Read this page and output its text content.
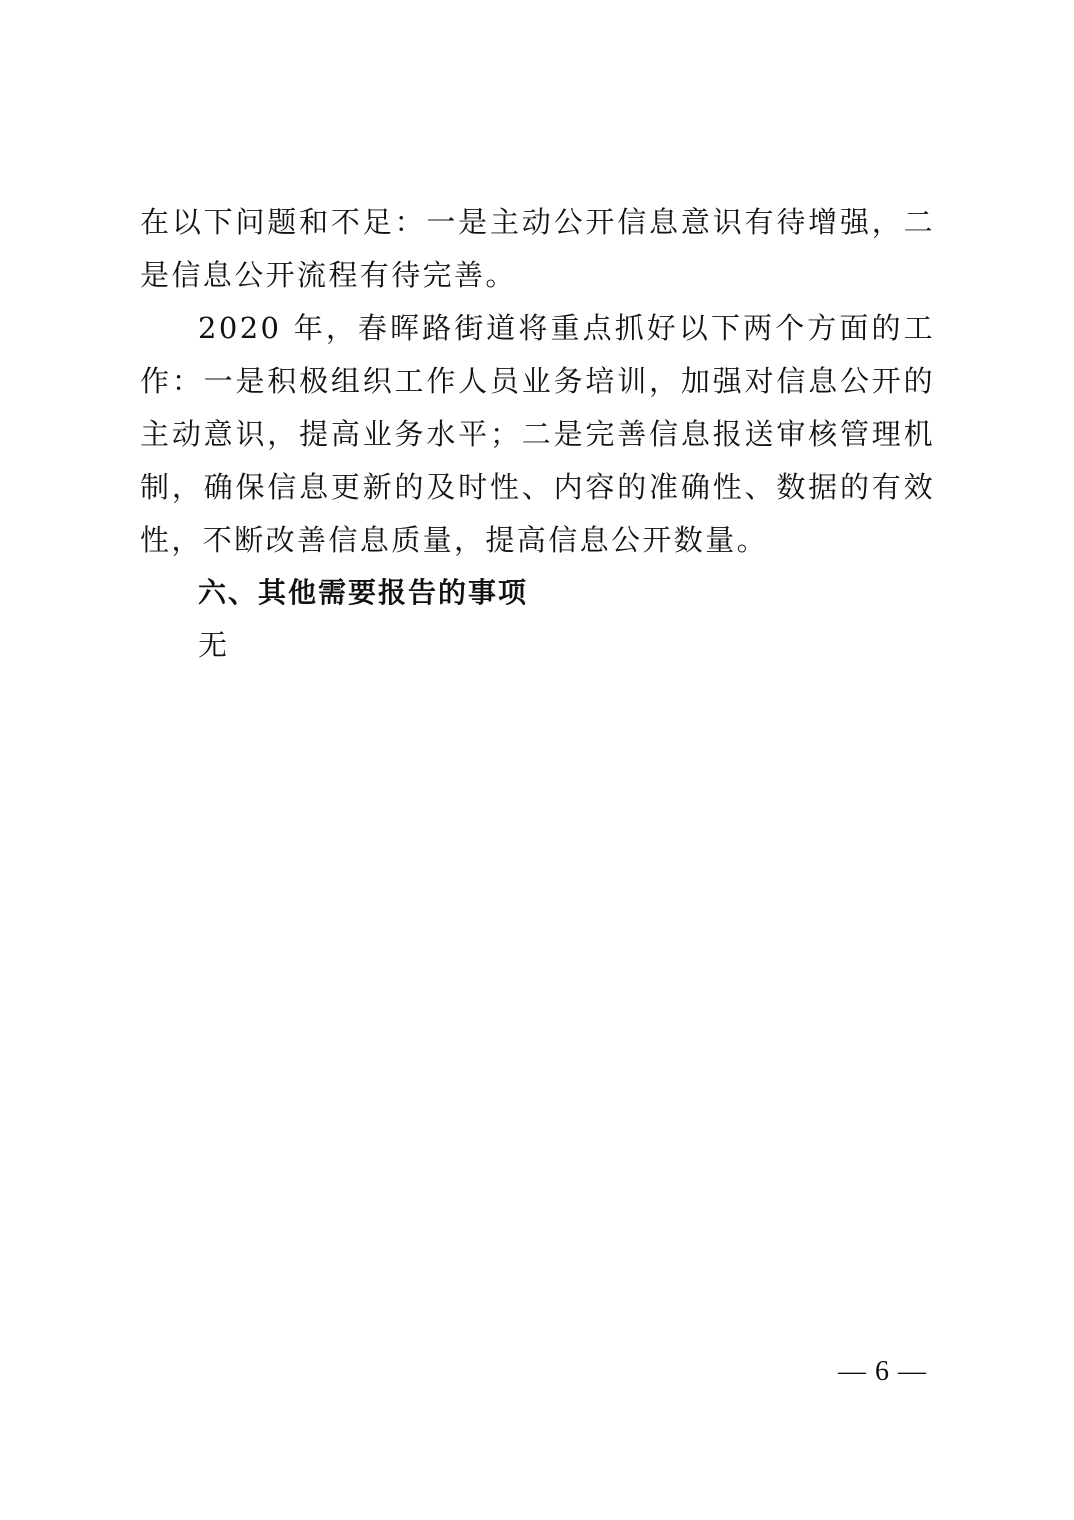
在以下问题和不足：一是主动公开信息意识有待增强，二是信息公开流程有待完善。

2020 年，春晖路街道将重点抓好以下两个方面的工作：一是积极组织工作人员业务培训，加强对信息公开的主动意识，提高业务水平；二是完善信息报送审核管理机制，确保信息更新的及时性、内容的准确性、数据的有效性，不断改善信息质量，提高信息公开数量。

六、其他需要报告的事项

无

— 6 —
